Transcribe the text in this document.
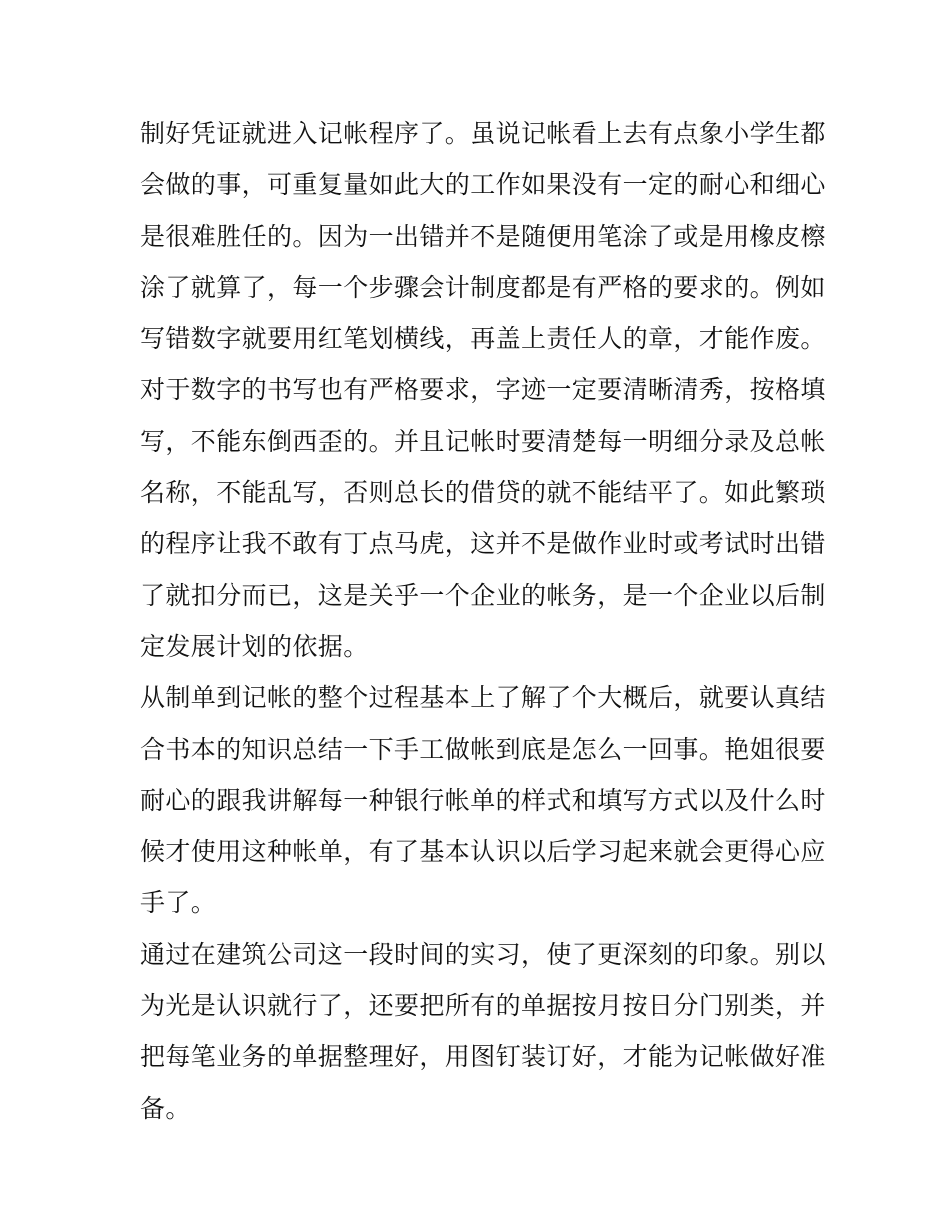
制好凭证就进入记帐程序了。虽说记帐看上去有点象小学生都
会做的事，可重复量如此大的工作如果没有一定的耐心和细心
是很难胜任的。因为一出错并不是随便用笔涂了或是用橡皮檫
涂了就算了，每一个步骤会计制度都是有严格的要求的。例如
写错数字就要用红笔划横线，再盖上责任人的章，才能作废。
对于数字的书写也有严格要求，字迹一定要清晰清秀，按格填
写，不能东倒西歪的。并且记帐时要清楚每一明细分录及总帐
名称，不能乱写，否则总长的借贷的就不能结平了。如此繁琐
的程序让我不敢有丁点马虎，这并不是做作业时或考试时出错
了就扣分而已，这是关乎一个企业的帐务，是一个企业以后制
定发展计划的依据。
从制单到记帐的整个过程基本上了解了个大概后，就要认真结
合书本的知识总结一下手工做帐到底是怎么一回事。艳姐很要
耐心的跟我讲解每一种银行帐单的样式和填写方式以及什么时
候才使用这种帐单，有了基本认识以后学习起来就会更得心应
手了。
通过在建筑公司这一段时间的实习，使了更深刻的印象。别以
为光是认识就行了，还要把所有的单据按月按日分门别类，并
把每笔业务的单据整理好，用图钉装订好，才能为记帐做好准
备。
